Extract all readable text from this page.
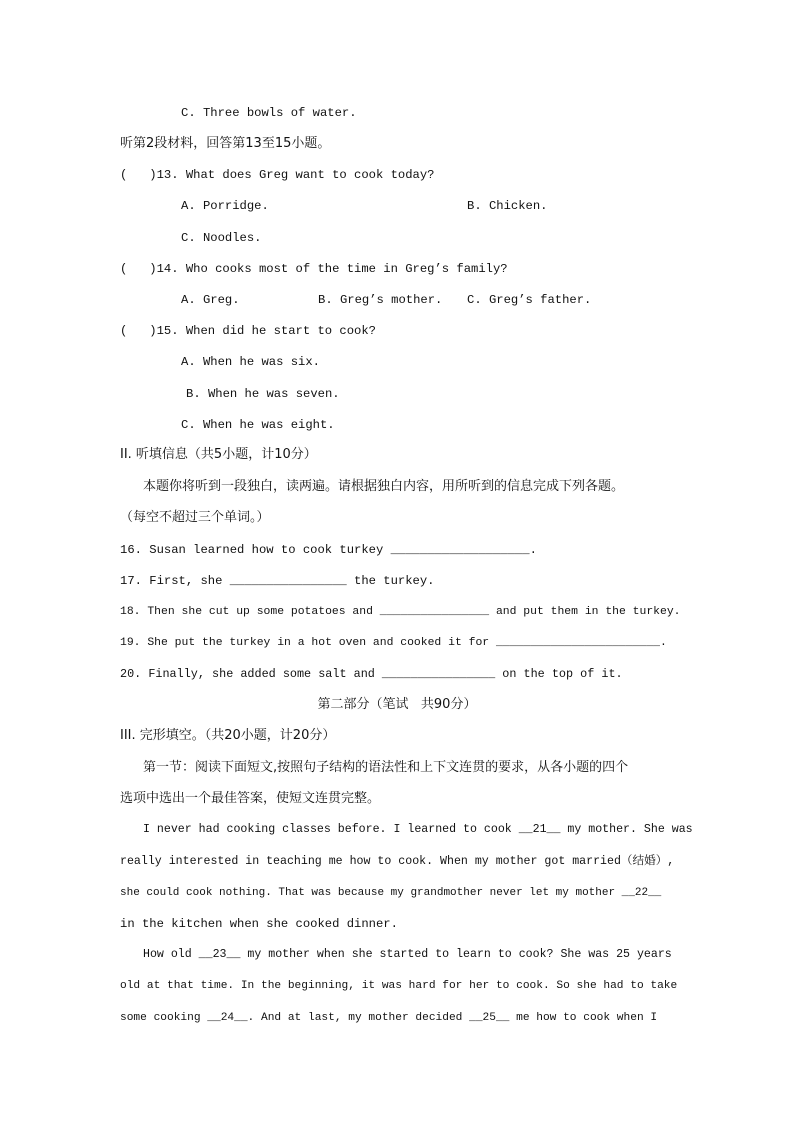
C. Three bowls of water.
听第2段材料，回答第13至15小题。
(   )13. What does Greg want to cook today?
A. Porridge.	B. Chicken.
C. Noodles.
(   )14. Who cooks most of the time in Greg’s family?
A. Greg.	B. Greg’s mother. C. Greg’s father.
(   )15. When did he start to cook?
A. When he was six.
B. When he was seven.
C. When he was eight.
II. 听填信息（共5小题，计10分）
本题你将听到一段独白，读两遍。请根据独白内容，用所听到的信息完成下列各题。
（每空不超过三个单词。）
16. Susan learned how to cook turkey ___________________.
17. First, she ________________ the turkey.
18. Then she cut up some potatoes and ________________ and put them in the turkey.
19. She put the turkey in a hot oven and cooked it for ________________________.
20. Finally, she added some salt and ________________ on the top of it.
第二部分（笔试   共90分）
III. 完形填空。（共20小题，计20分）
第一节：阅读下面短文,按照句子结构的语法性和上下文连贯的要求，从各小题的四个
选项中选出一个最佳答案，使短文连贯完整。
I never had cooking classes before. I learned to cook __21__ my mother. She was
really interested in teaching me how to cook. When my mother got married（结婚）,
she could cook nothing. That was because my grandmother never let my mother __22__
in the kitchen when she cooked dinner.
How old __23__ my mother when she started to learn to cook? She was 25 years
old at that time. In the beginning, it was hard for her to cook. So she had to take
some cooking __24__. And at last, my mother decided __25__ me how to cook when I
